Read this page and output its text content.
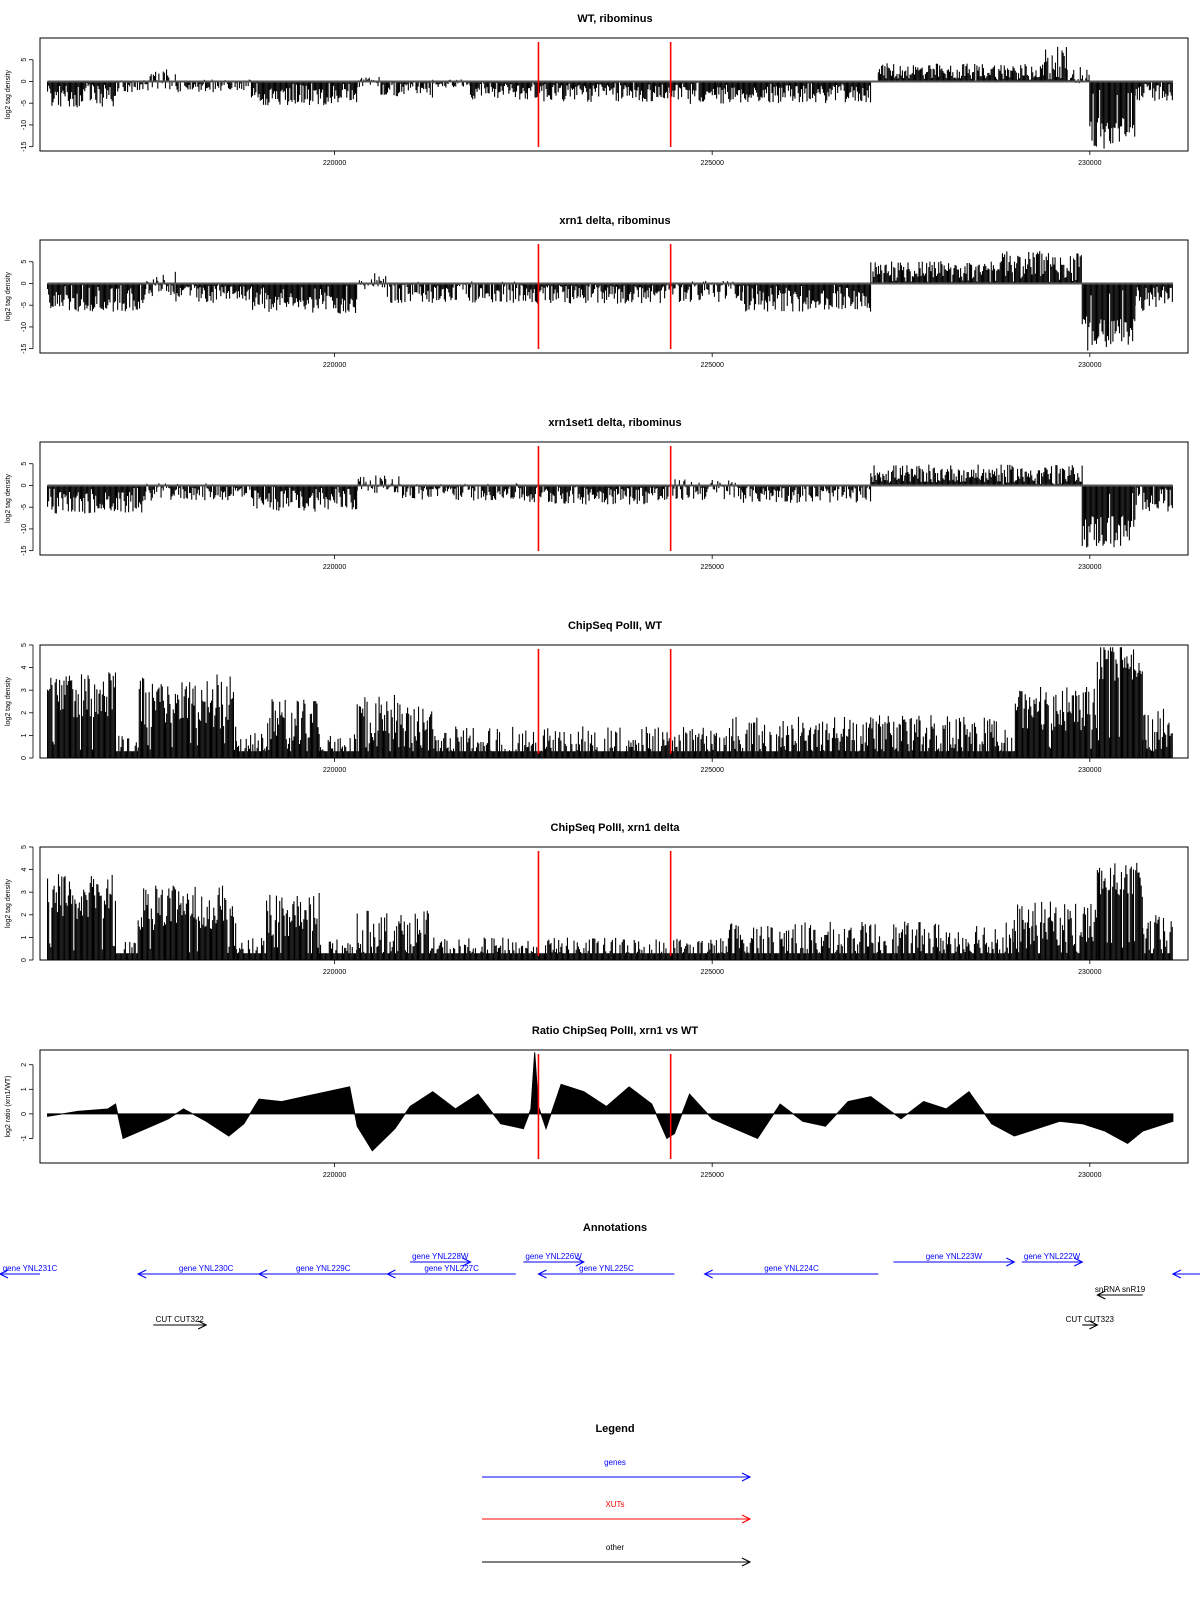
WT, ribominus
-15
-10
-5
0
5
log2 tag density
220000	225000	230000
xrn1 delta, ribominus
-15
-10
-5
0
5
log2 tag density
220000	225000	230000
xrn1set1 delta, ribominus
-15
-10
-5
0
5
log2 tag density
220000	225000	230000
ChipSeq PolII, WT
0
1
2
3
4
5
log2 tag density
220000	225000	230000
ChipSeq PolII, xrn1 delta
0
1
2
3
4
5
log2 tag density
220000	225000	230000
Ratio ChipSeq PolII, xrn1 vs WT
-1
0
1
2
log2 ratio (xrn1/WT)
220000	225000	230000
Annotations
gene YNL231C	gene YNL230C	gene YNL229C
gene YNL228W
gene YNL227C
gene YNL226W
gene YNL225C	gene YNL224C
gene YNL223W	gene YNL222W
snRNA snR19
CUT CUT322	CUT CUT323
Legend
genes
XUTs
other
